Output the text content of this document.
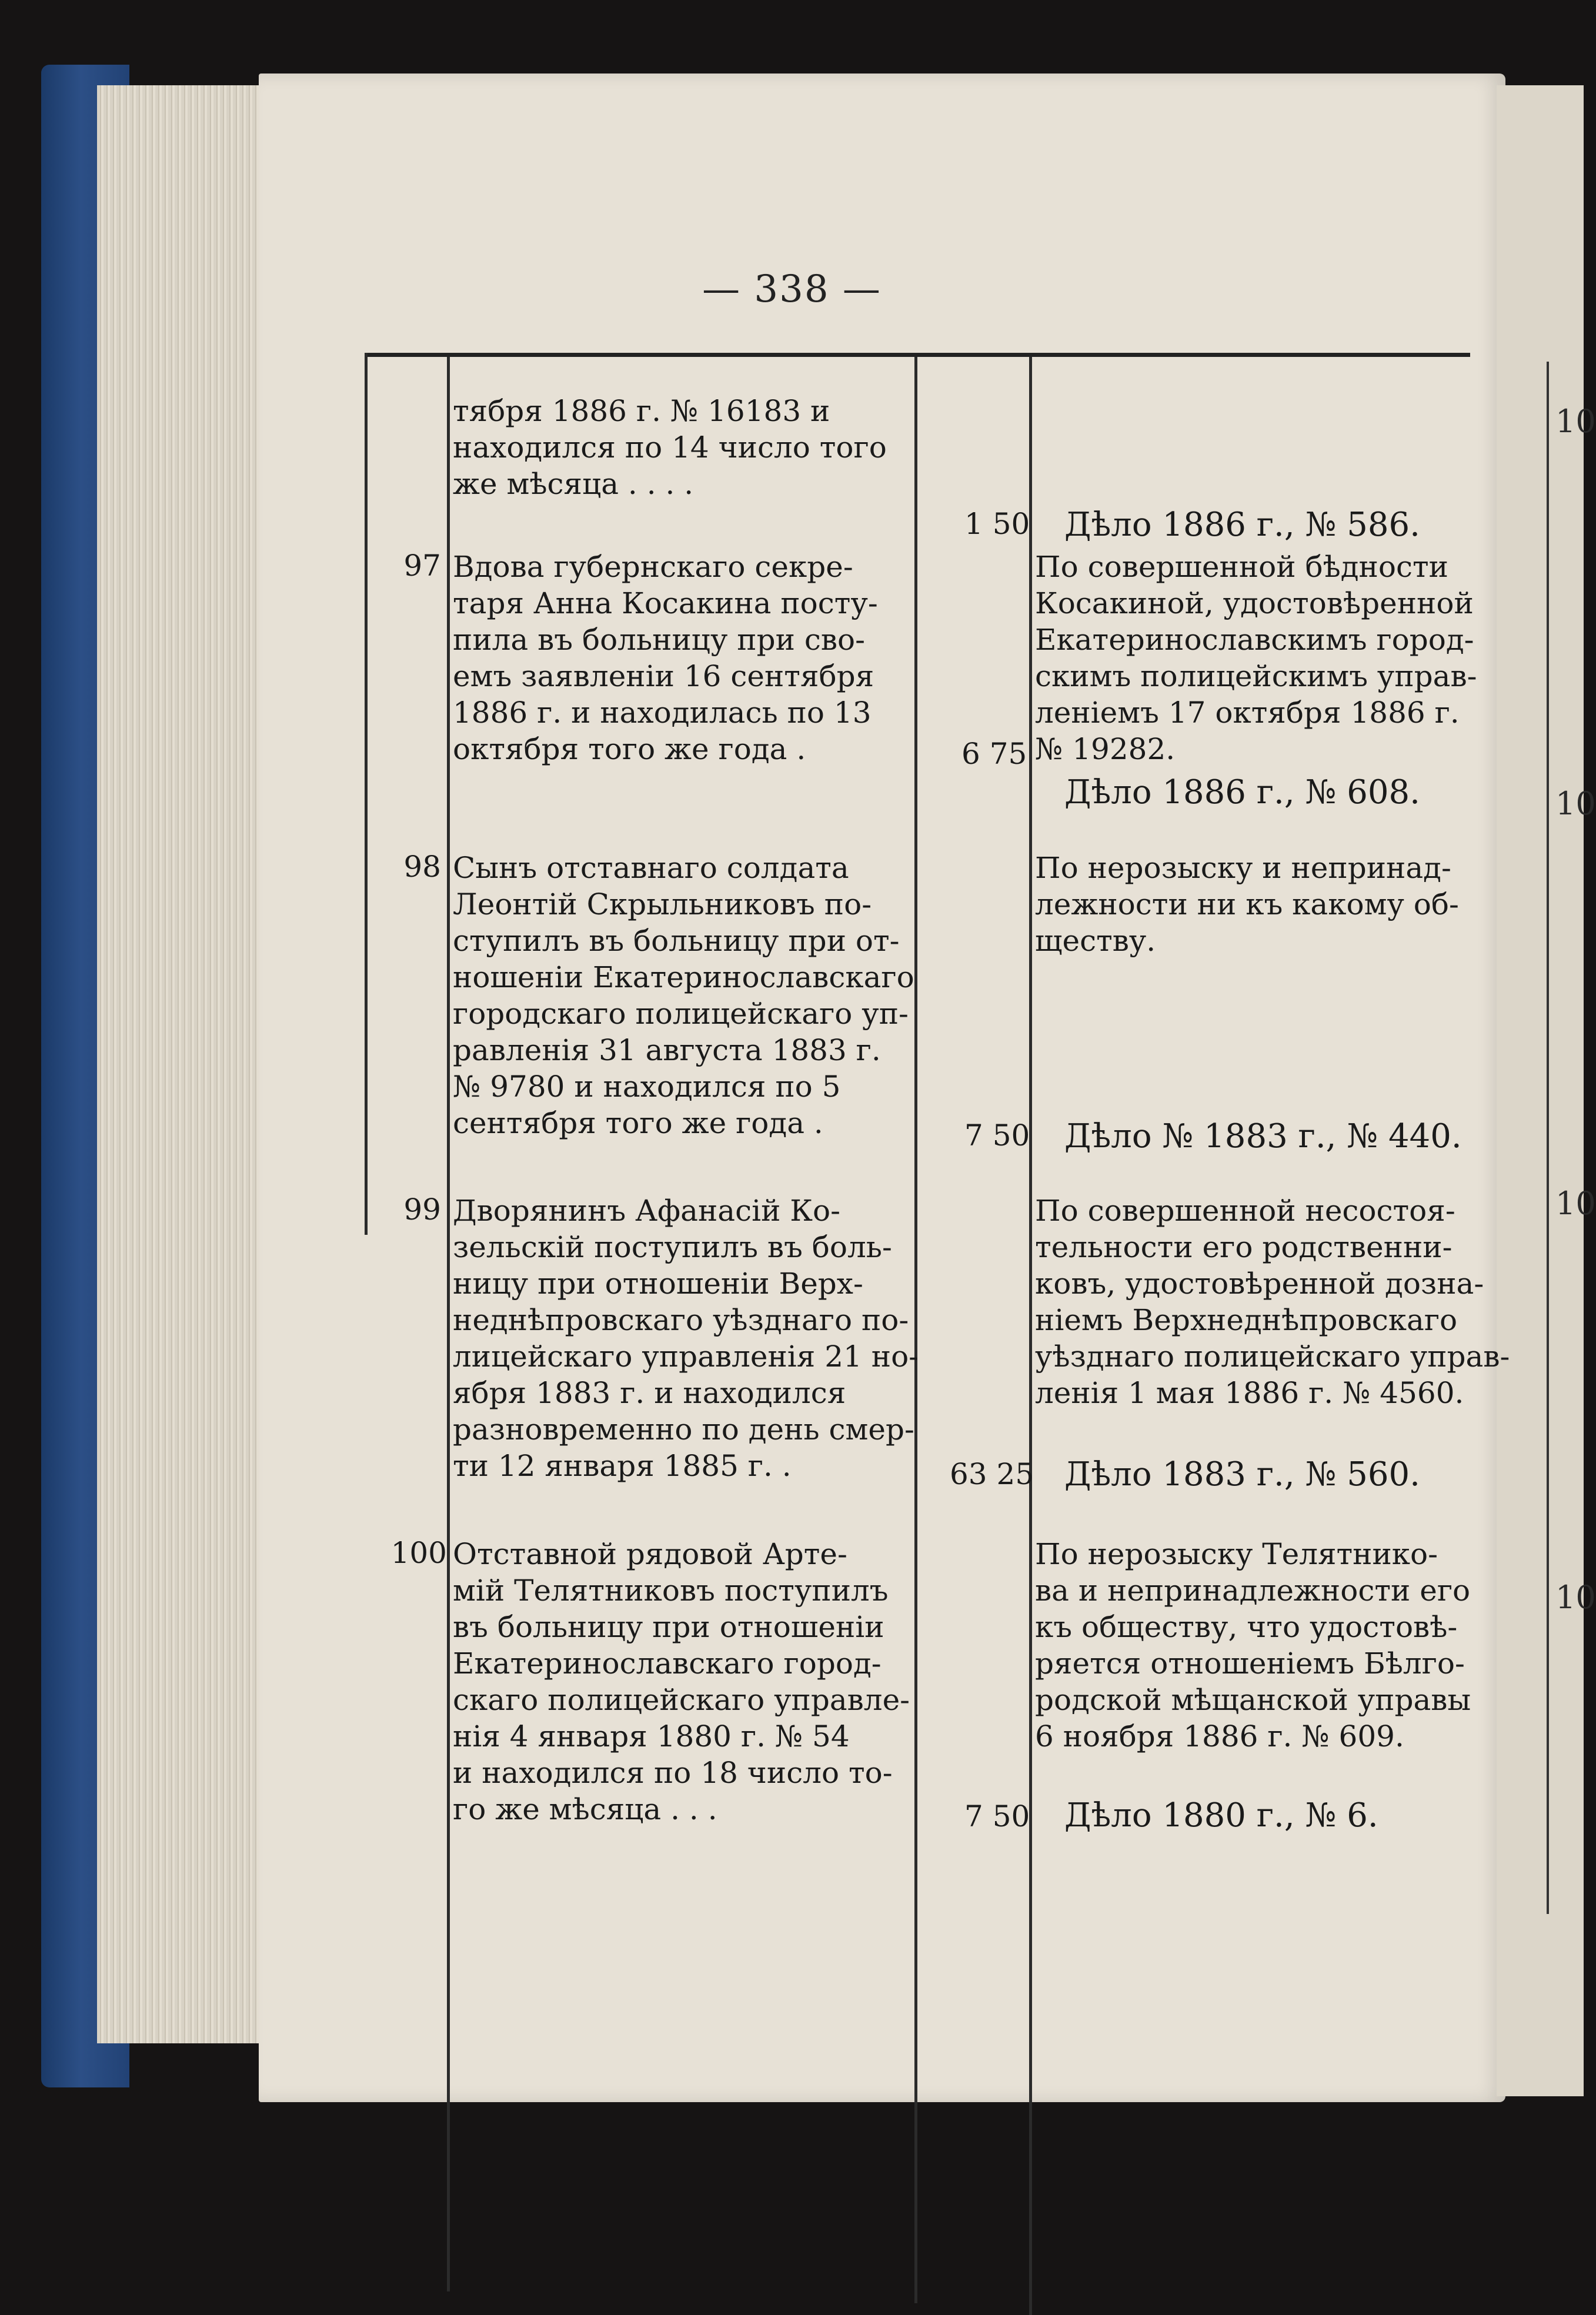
10
10
10
10
— 338 —
тября 1886 г. № 16183 и
находился по 14 число того
же мѣсяца . . . .
1 50 Дѣло 1886 г., № 586.
97 Вдова губернскаго секре-
таря Анна Косакина посту-
пила въ больницу при сво-
емъ заявленіи 16 сентября
1886 г. и находилась по 13
октября того же года .
По совершенной бѣдности
Косакиной, удостовѣренной
Екатеринославскимъ город-
скимъ полицейскимъ управ-
леніемъ 17 октября 1886 г.
№ 19282.
6 75
Дѣло 1886 г., № 608.
98 Сынъ отставнаго солдата
Леонтій Скрыльниковъ по-
ступилъ въ больницу при от-
ношеніи Екатеринославскаго
городскаго полицейскаго уп-
равленія 31 августа 1883 г.
№ 9780 и находился по 5
сентября того же года .
По нерозыску и непринад-
лежности ни къ какому об-
ществу.
7 50 Дѣло № 1883 г., № 440.
99 Дворянинъ Афанасій Ко-
зельскій поступилъ въ боль-
ницу при отношеніи Верх-
неднѣпровскаго уѣзднаго по-
лицейскаго управленія 21 но-
ября 1883 г. и находился
разновременно по день смер-
ти 12 января 1885 г. .
По совершенной несостоя-
тельности его родственни-
ковъ, удостовѣренной дозна-
ніемъ Верхнеднѣпровскаго
уѣзднаго полицейскаго управ-
ленія 1 мая 1886 г. № 4560.
63 25 Дѣло 1883 г., № 560.
100 Отставной рядовой Арте-
мій Телятниковъ поступилъ
въ больницу при отношеніи
Екатеринославскаго город-
скаго полицейскаго управле-
нія 4 января 1880 г. № 54
и находился по 18 число то-
го же мѣсяца . . .
По нерозыску Телятнико-
ва и непринадлежности его
къ обществу, что удостовѣ-
ряется отношеніемъ Бѣлго-
родской мѣщанской управы
6 ноября 1886 г. № 609.
7 50 Дѣло 1880 г., № 6.
